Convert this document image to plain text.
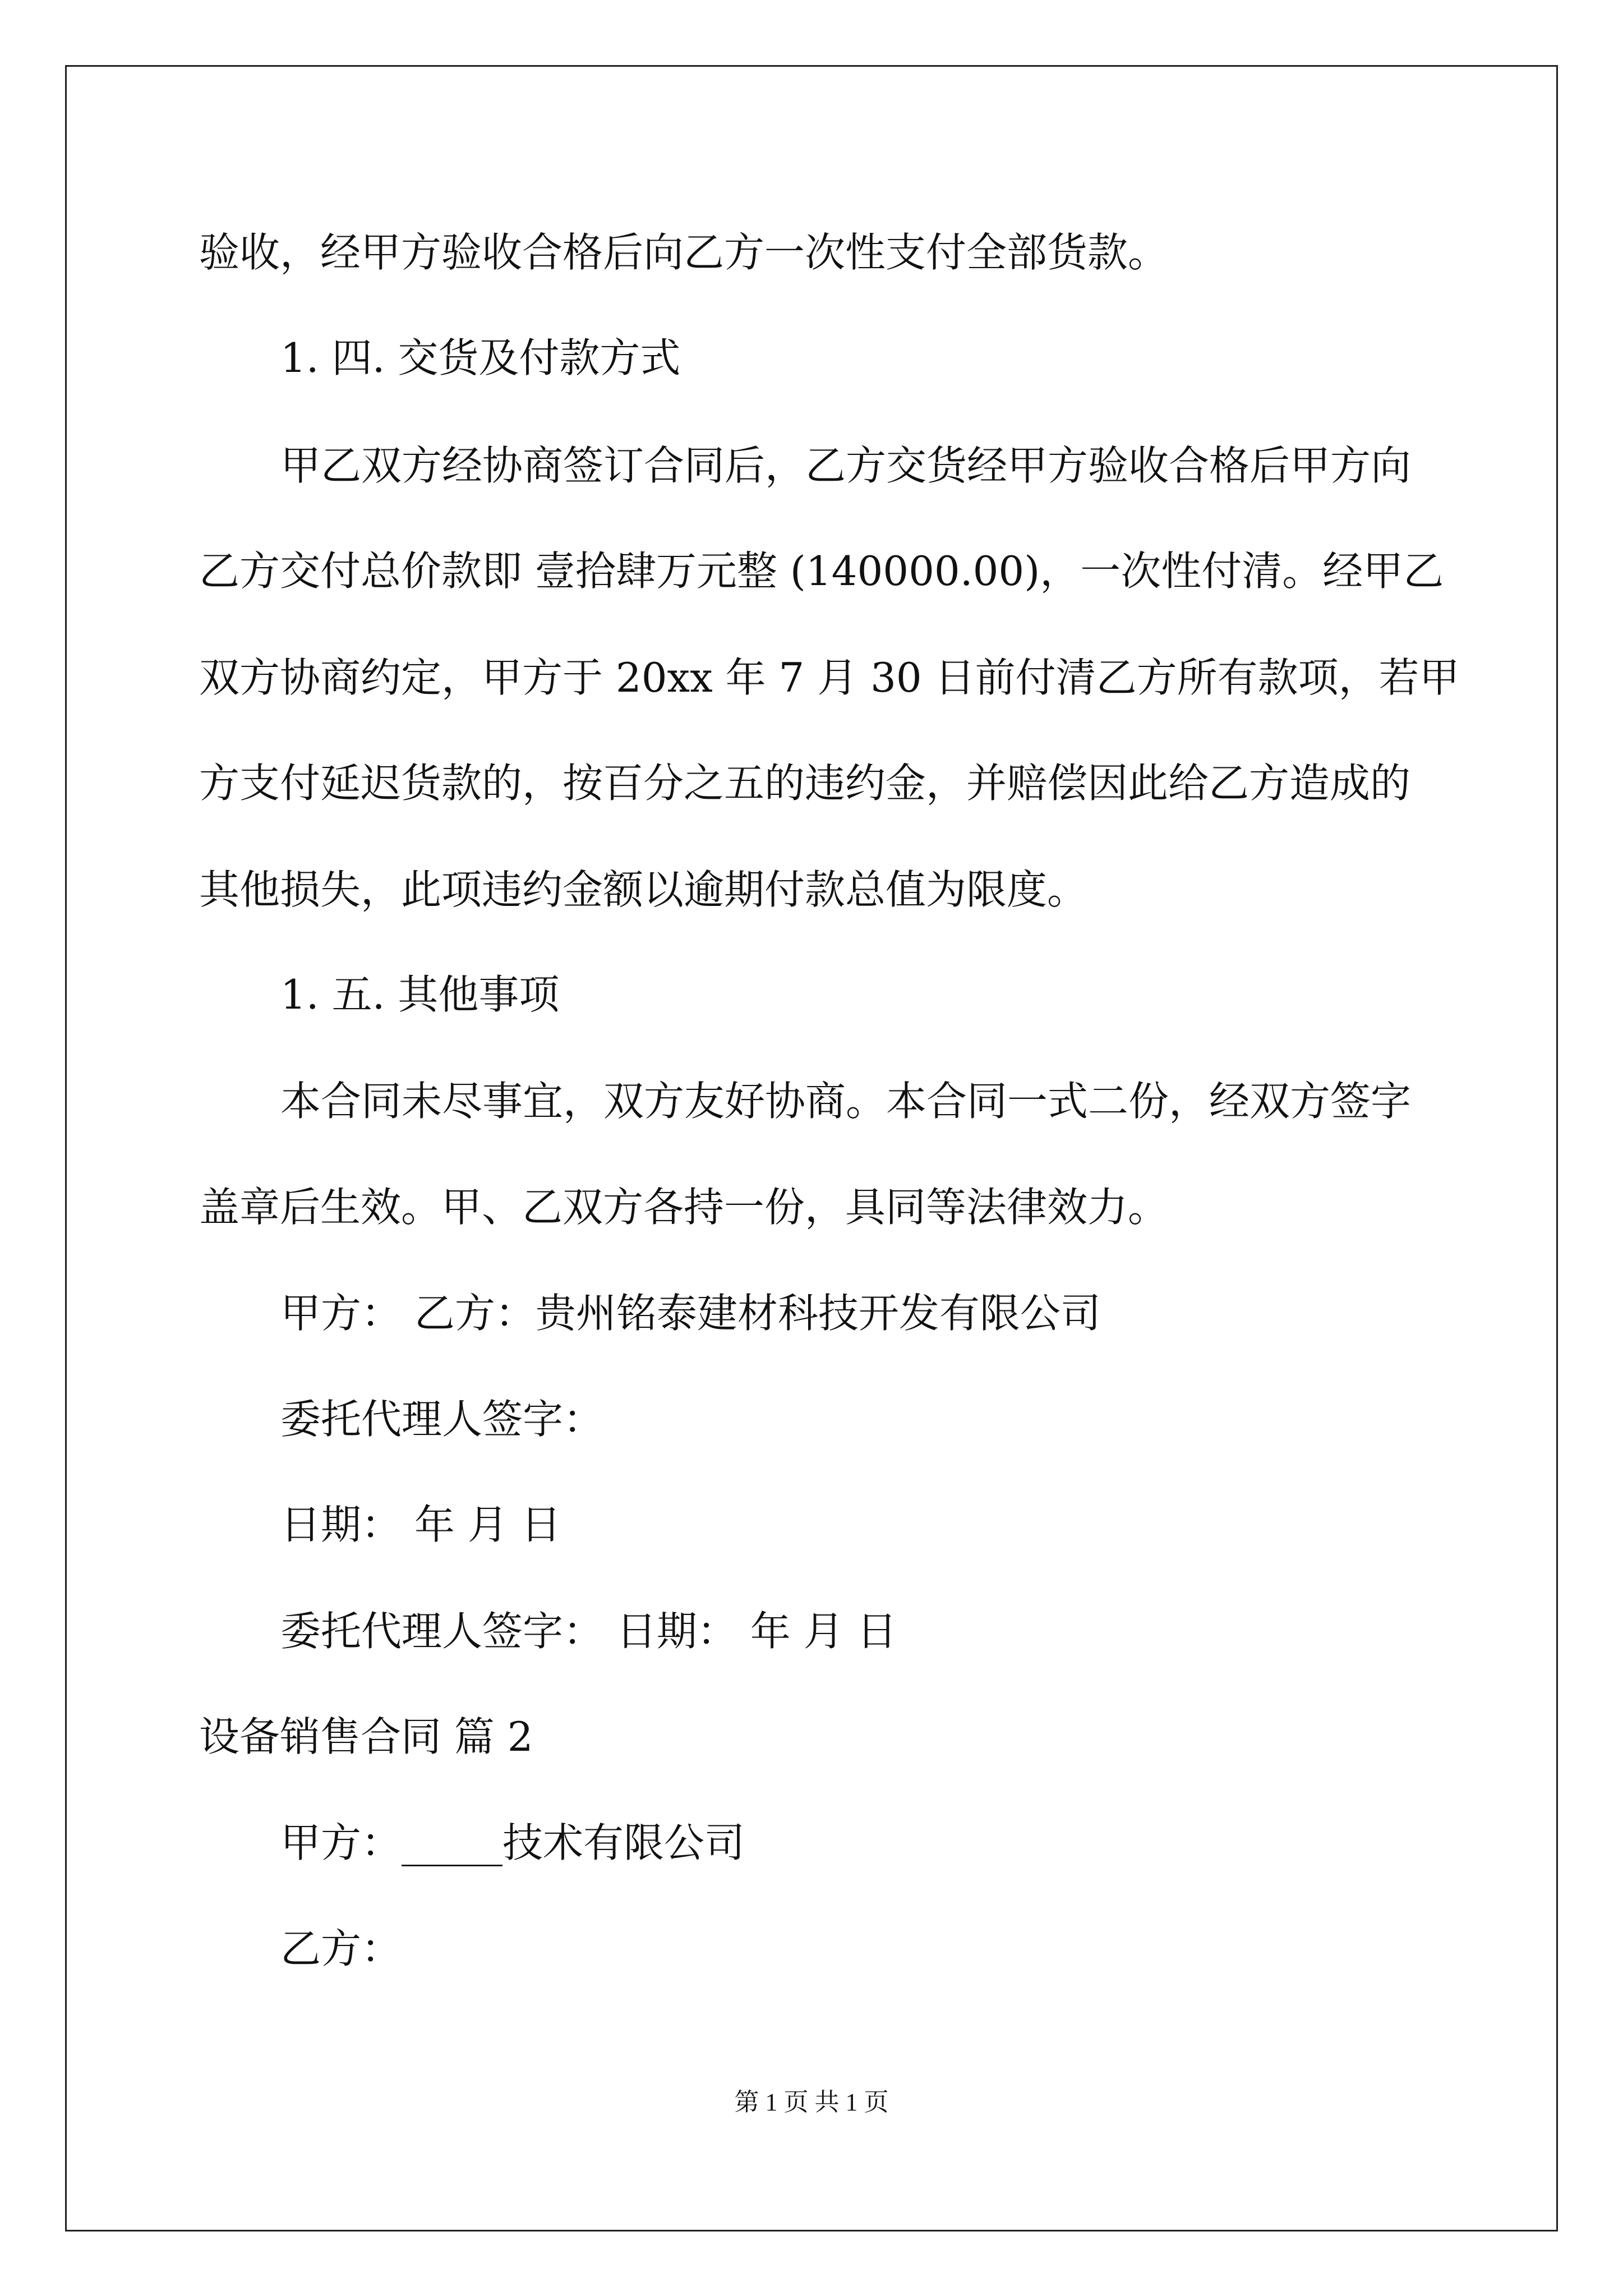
验收，经甲方验收合格后向乙方一次性支付全部货款。
1. 四. 交货及付款方式
甲乙双方经协商签订合同后，乙方交货经甲方验收合格后甲方向
乙方交付总价款即 壹拾肆万元整 (140000.00)，一次性付清。经甲乙
双方协商约定，甲方于 20xx 年 7 月 30 日前付清乙方所有款项，若甲
方支付延迟货款的，按百分之五的违约金，并赔偿因此给乙方造成的
其他损失，此项违约金额以逾期付款总值为限度。
1. 五. 其他事项
本合同未尽事宜，双方友好协商。本合同一式二份，经双方签字
盖章后生效。甲、乙双方各持一份，具同等法律效力。
甲方： 乙方：贵州铭泰建材科技开发有限公司
委托代理人签字：
日期： 年 月 日
委托代理人签字： 日期： 年 月 日
设备销售合同 篇 2
甲方：_____技术有限公司
乙方：
第 1 页 共 1 页
